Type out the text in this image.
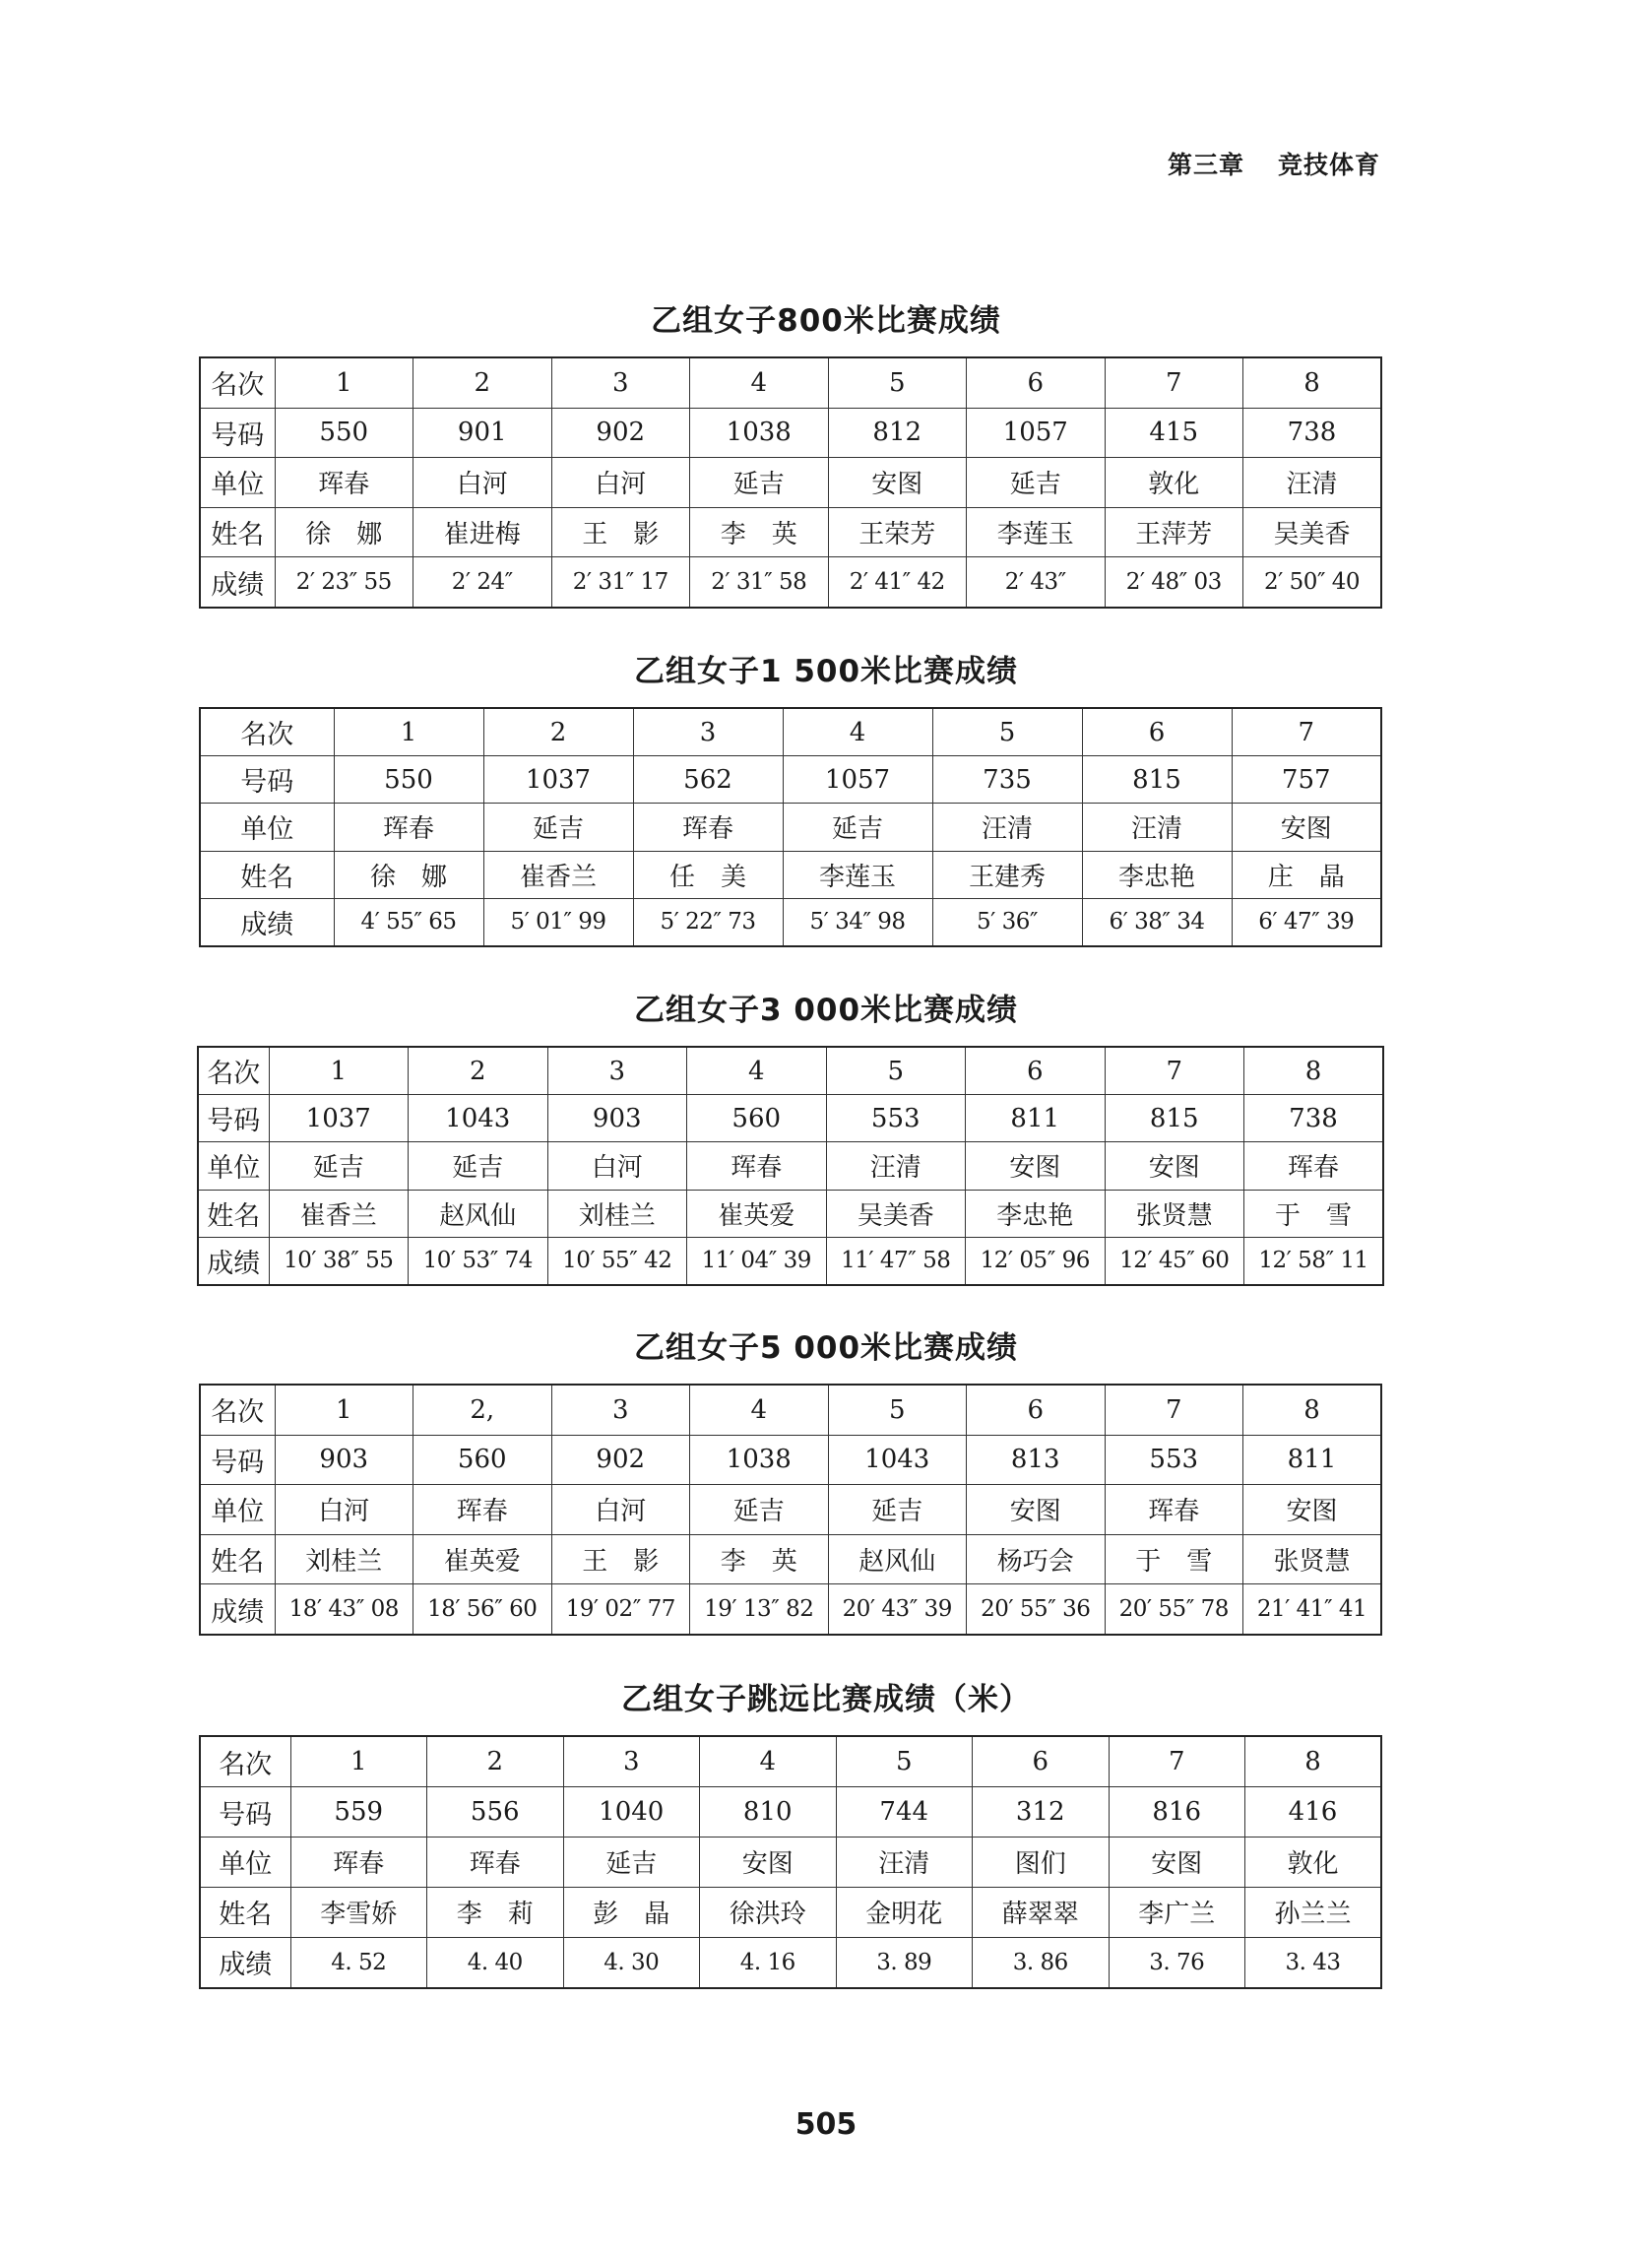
第三章 竞技体育
乙组女子800米比赛成绩
名次	1	2	3	4	5	6	7	8
号码	550	901	902	1038	812	1057	415	738
单位	珲春	白河	白河	延吉	安图	延吉	敦化	汪清
姓名	徐　娜	崔进梅	王　影	李　英	王荣芳	李莲玉	王萍芳	吴美香
成绩	2′ 23″ 55	2′ 24″	2′ 31″ 17	2′ 31″ 58	2′ 41″ 42	2′ 43″	2′ 48″ 03	2′ 50″ 40
乙组女子1 500米比赛成绩
名次	1	2	3	4	5	6	7
号码	550	1037	562	1057	735	815	757
单位	珲春	延吉	珲春	延吉	汪清	汪清	安图
姓名	徐　娜	崔香兰	任　美	李莲玉	王建秀	李忠艳	庄　晶
成绩	4′ 55″ 65	5′ 01″ 99	5′ 22″ 73	5′ 34″ 98	5′ 36″	6′ 38″ 34	6′ 47″ 39
乙组女子3 000米比赛成绩
名次	1	2	3	4	5	6	7	8
号码	1037	1043	903	560	553	811	815	738
单位	延吉	延吉	白河	珲春	汪清	安图	安图	珲春
姓名	崔香兰	赵风仙	刘桂兰	崔英爱	吴美香	李忠艳	张贤慧	于　雪
成绩	10′ 38″ 55	10′ 53″ 74	10′ 55″ 42	11′ 04″ 39	11′ 47″ 58	12′ 05″ 96	12′ 45″ 60	12′ 58″ 11
乙组女子5 000米比赛成绩
名次	1	2,	3	4	5	6	7	8
号码	903	560	902	1038	1043	813	553	811
单位	白河	珲春	白河	延吉	延吉	安图	珲春	安图
姓名	刘桂兰	崔英爱	王　影	李　英	赵风仙	杨巧会	于　雪	张贤慧
成绩	18′ 43″ 08	18′ 56″ 60	19′ 02″ 77	19′ 13″ 82	20′ 43″ 39	20′ 55″ 36	20′ 55″ 78	21′ 41″ 41
乙组女子跳远比赛成绩（米）
名次	1	2	3	4	5	6	7	8
号码	559	556	1040	810	744	312	816	416
单位	珲春	珲春	延吉	安图	汪清	图们	安图	敦化
姓名	李雪娇	李　莉	彭　晶	徐洪玲	金明花	薛翠翠	李广兰	孙兰兰
成绩	4. 52	4. 40	4. 30	4. 16	3. 89	3. 86	3. 76	3. 43
505
